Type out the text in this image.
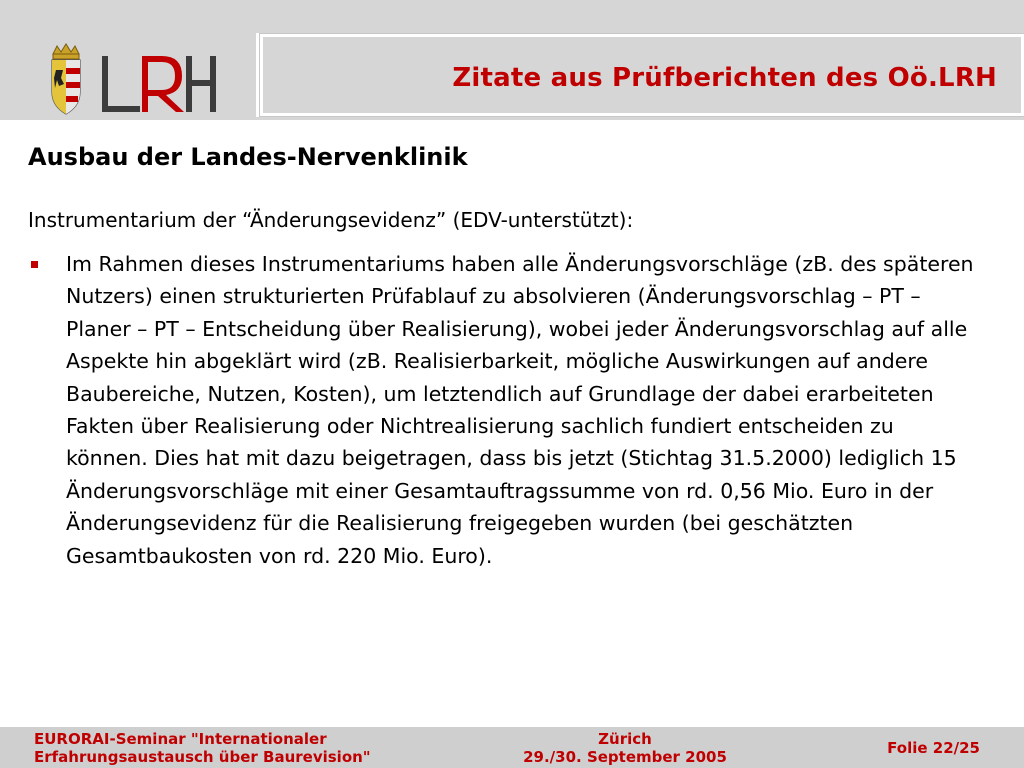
Zitate aus Prüfberichten des Oö.LRH
Ausbau der Landes-Nervenklinik

Instrumentarium der “Änderungsevidenz” (EDV-unterstützt):

Im Rahmen dieses Instrumentariums haben alle Änderungsvorschläge (zB. des späteren Nutzers) einen strukturierten Prüfablauf zu absolvieren (Änderungsvorschlag – PT – Planer – PT – Entscheidung über Realisierung), wobei jeder Änderungsvorschlag auf alle Aspekte hin abgeklärt wird (zB. Realisierbarkeit, mögliche Auswirkungen auf andere Baubereiche, Nutzen, Kosten), um letztendlich auf Grundlage der dabei erarbeiteten Fakten über Realisierung oder Nichtrealisierung sachlich fundiert entscheiden zu können. Dies hat mit dazu beigetragen, dass bis jetzt (Stichtag 31.5.2000) lediglich 15 Änderungsvorschläge mit einer Gesamtauftragssumme von rd. 0,56 Mio. Euro in der Änderungsevidenz für die Realisierung freigegeben wurden (bei geschätzten Gesamtbaukosten von rd. 220 Mio. Euro).

EURORAI-Seminar "Internationaler
Erfahrungsaustausch über Baurevision"

Zürich
29./30. September 2005	Folie 22/25
